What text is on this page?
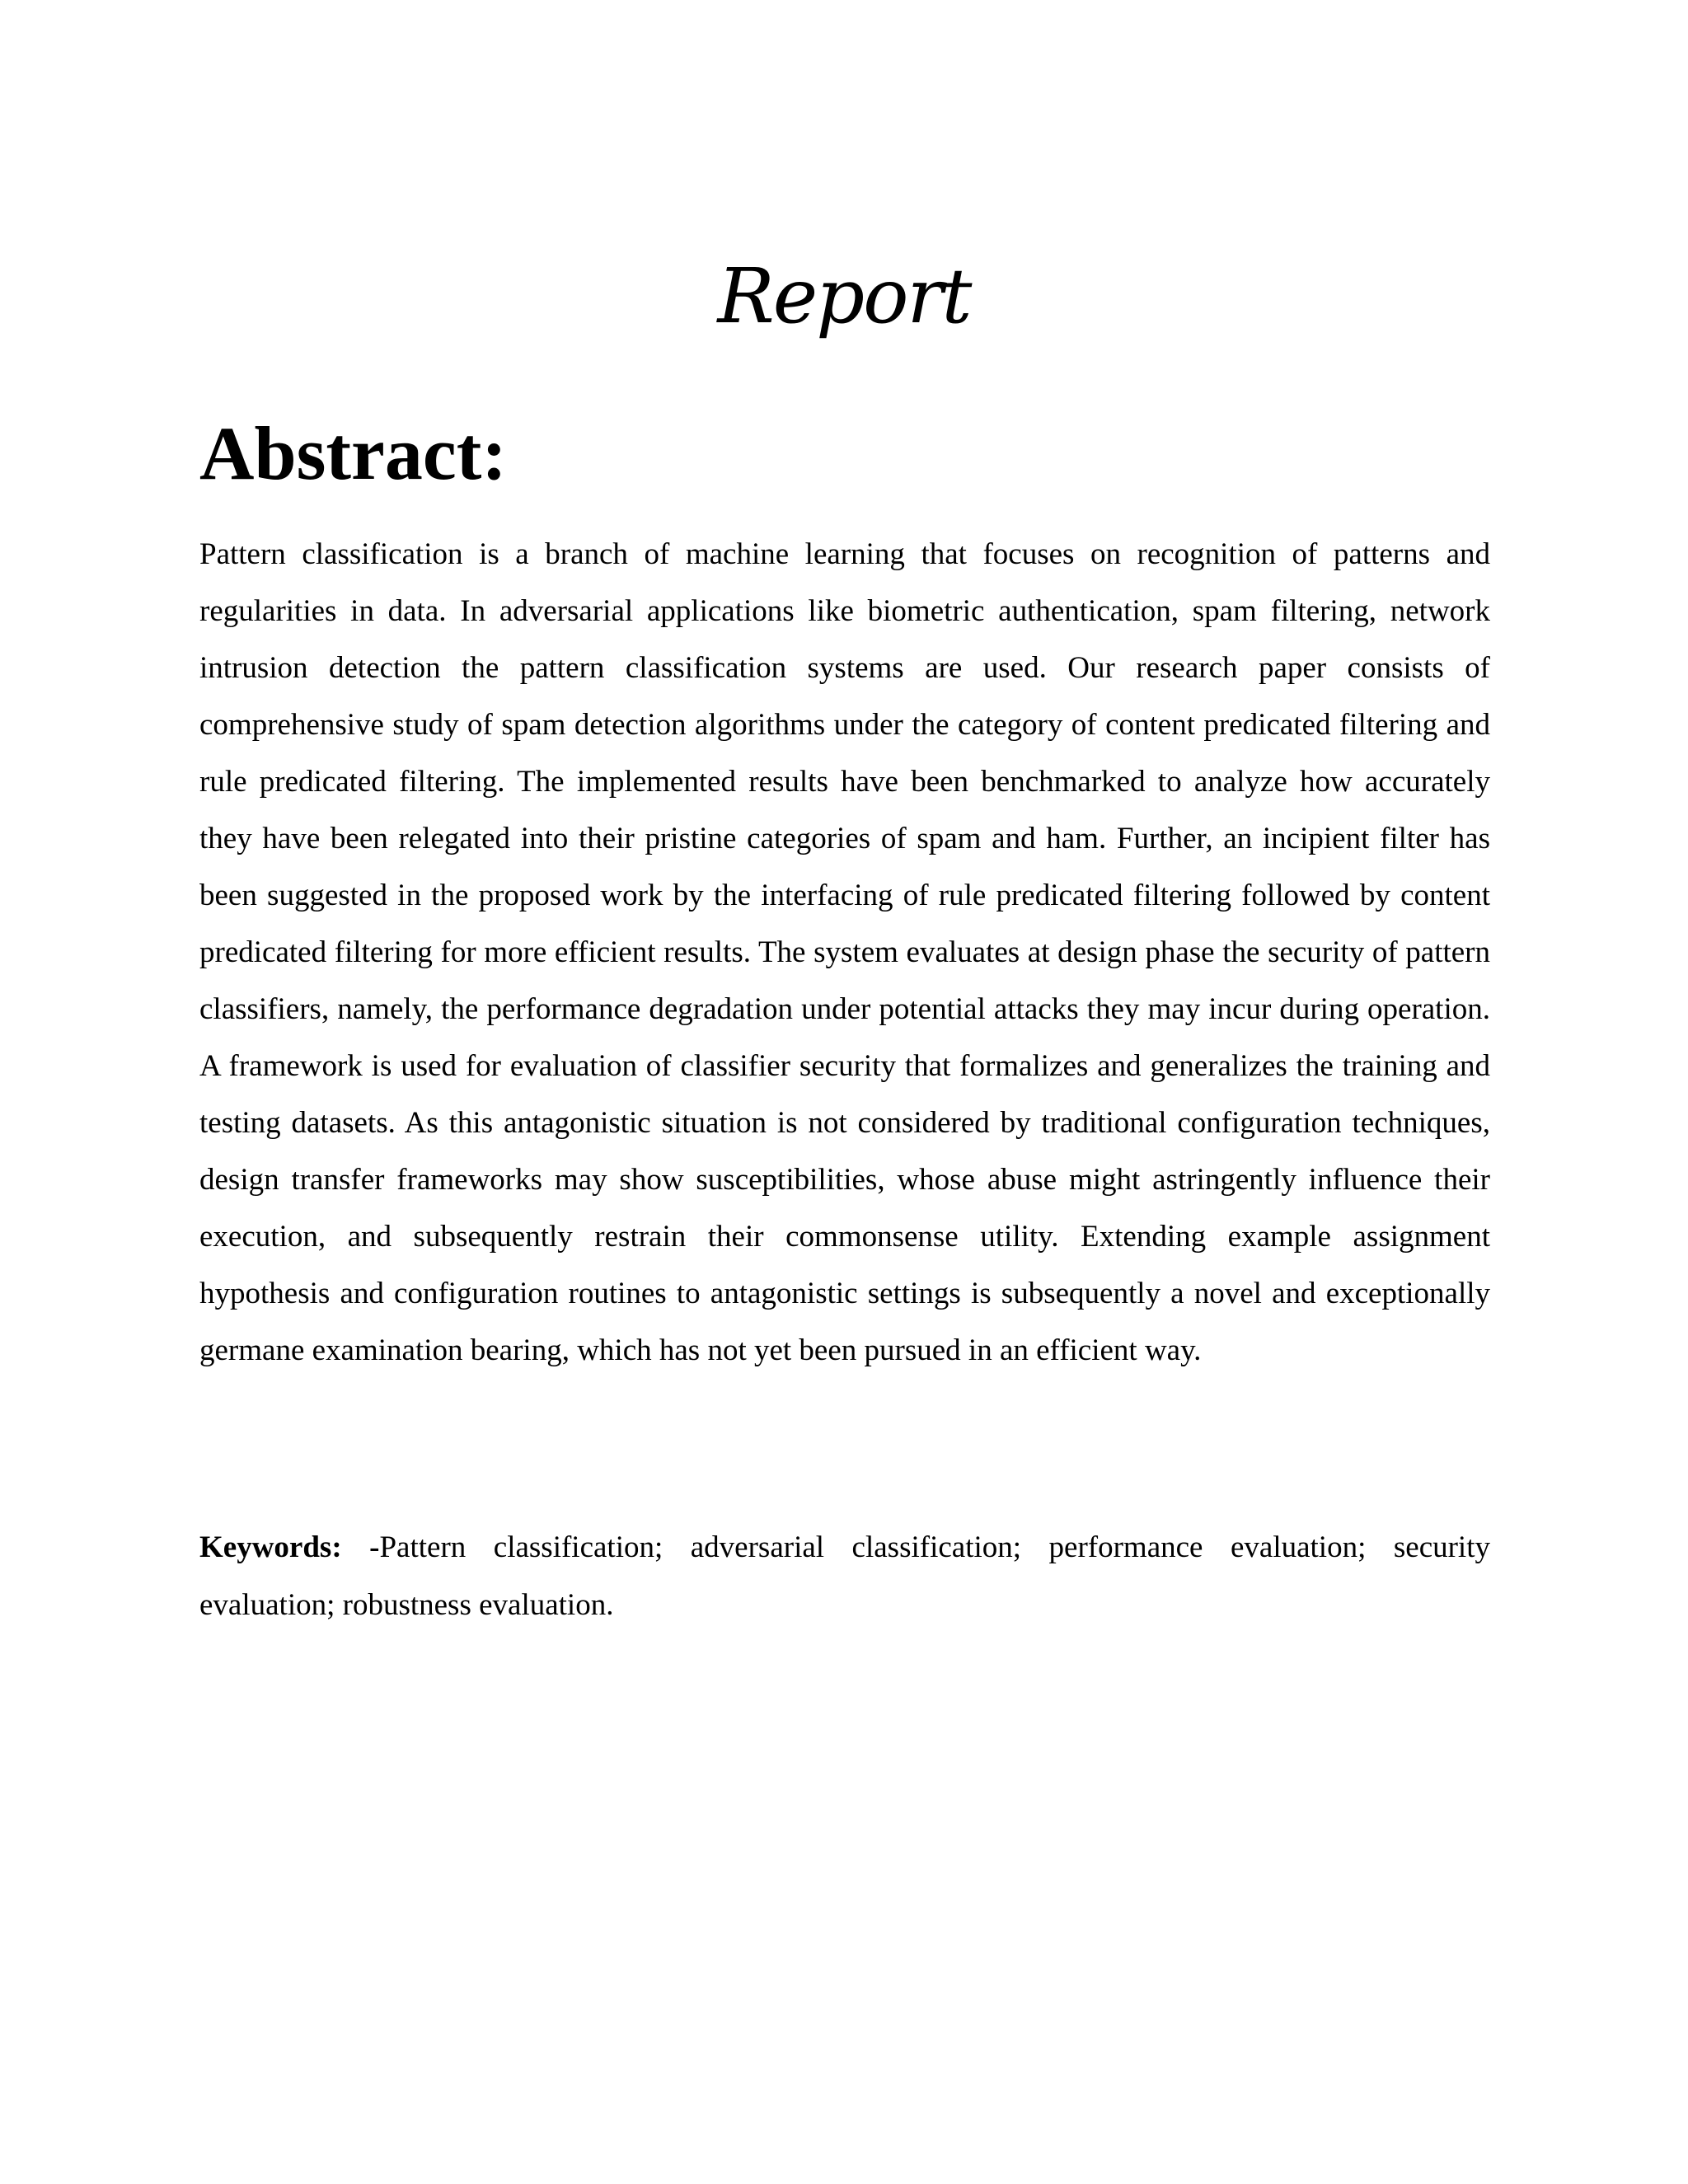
Report
Abstract:

Pattern classification is a branch of machine learning that focuses on recognition of patterns and regularities in data. In adversarial applications like biometric authentication, spam filtering, network intrusion detection the pattern classification systems are used. Our research paper consists of comprehensive study of spam detection algorithms under the category of content predicated filtering and rule predicated filtering. The implemented results have been benchmarked to analyze how accurately they have been relegated into their pristine categories of spam and ham. Further, an incipient filter has been suggested in the proposed work by the interfacing of rule predicated filtering followed by content predicated filtering for more efficient results. The system evaluates at design phase the security of pattern classifiers, namely, the performance degradation under potential attacks they may incur during operation. A framework is used for evaluation of classifier security that formalizes and generalizes the training and testing datasets. As this antagonistic situation is not considered by traditional configuration techniques, design transfer frameworks may show susceptibilities, whose abuse might astringently influence their execution, and subsequently restrain their commonsense utility. Extending example assignment hypothesis and configuration routines to antagonistic settings is subsequently a novel and exceptionally germane examination bearing, which has not yet been pursued in an efficient way.

Keywords: -Pattern classification; adversarial classification; performance evaluation; security evaluation; robustness evaluation.
